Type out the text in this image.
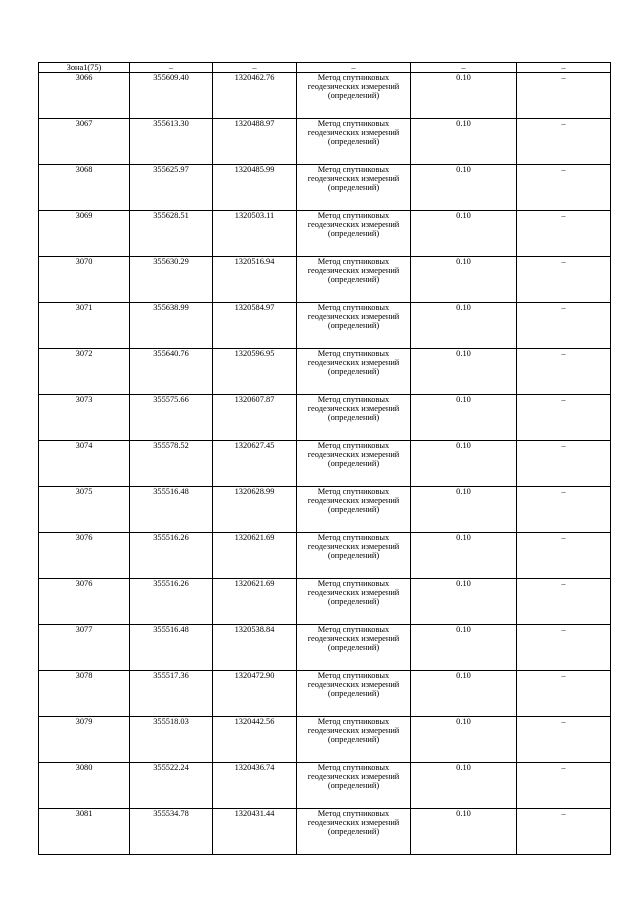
Зона1(75)	–	–	–	–	–
3066	355609.40	1320462.76	Метод спутниковых геодезических измерений (определений)	0.10	–
3067	355613.30	1320488.97	Метод спутниковых геодезических измерений (определений)	0.10	–
3068	355625.97	1320485.99	Метод спутниковых геодезических измерений (определений)	0.10	–
3069	355628.51	1320503.11	Метод спутниковых геодезических измерений (определений)	0.10	–
3070	355630.29	1320516.94	Метод спутниковых геодезических измерений (определений)	0.10	–
3071	355638.99	1320584.97	Метод спутниковых геодезических измерений (определений)	0.10	–
3072	355640.76	1320596.95	Метод спутниковых геодезических измерений (определений)	0.10	–
3073	355575.66	1320607.87	Метод спутниковых геодезических измерений (определений)	0.10	–
3074	355578.52	1320627.45	Метод спутниковых геодезических измерений (определений)	0.10	–
3075	355516.48	1320628.99	Метод спутниковых геодезических измерений (определений)	0.10	–
3076	355516.26	1320621.69	Метод спутниковых геодезических измерений (определений)	0.10	–
3076	355516.26	1320621.69	Метод спутниковых геодезических измерений (определений)	0.10	–
3077	355516.48	1320538.84	Метод спутниковых геодезических измерений (определений)	0.10	–
3078	355517.36	1320472.90	Метод спутниковых геодезических измерений (определений)	0.10	–
3079	355518.03	1320442.56	Метод спутниковых геодезических измерений (определений)	0.10	–
3080	355522.24	1320436.74	Метод спутниковых геодезических измерений (определений)	0.10	–
3081	355534.78	1320431.44	Метод спутниковых геодезических измерений (определений)	0.10	–
